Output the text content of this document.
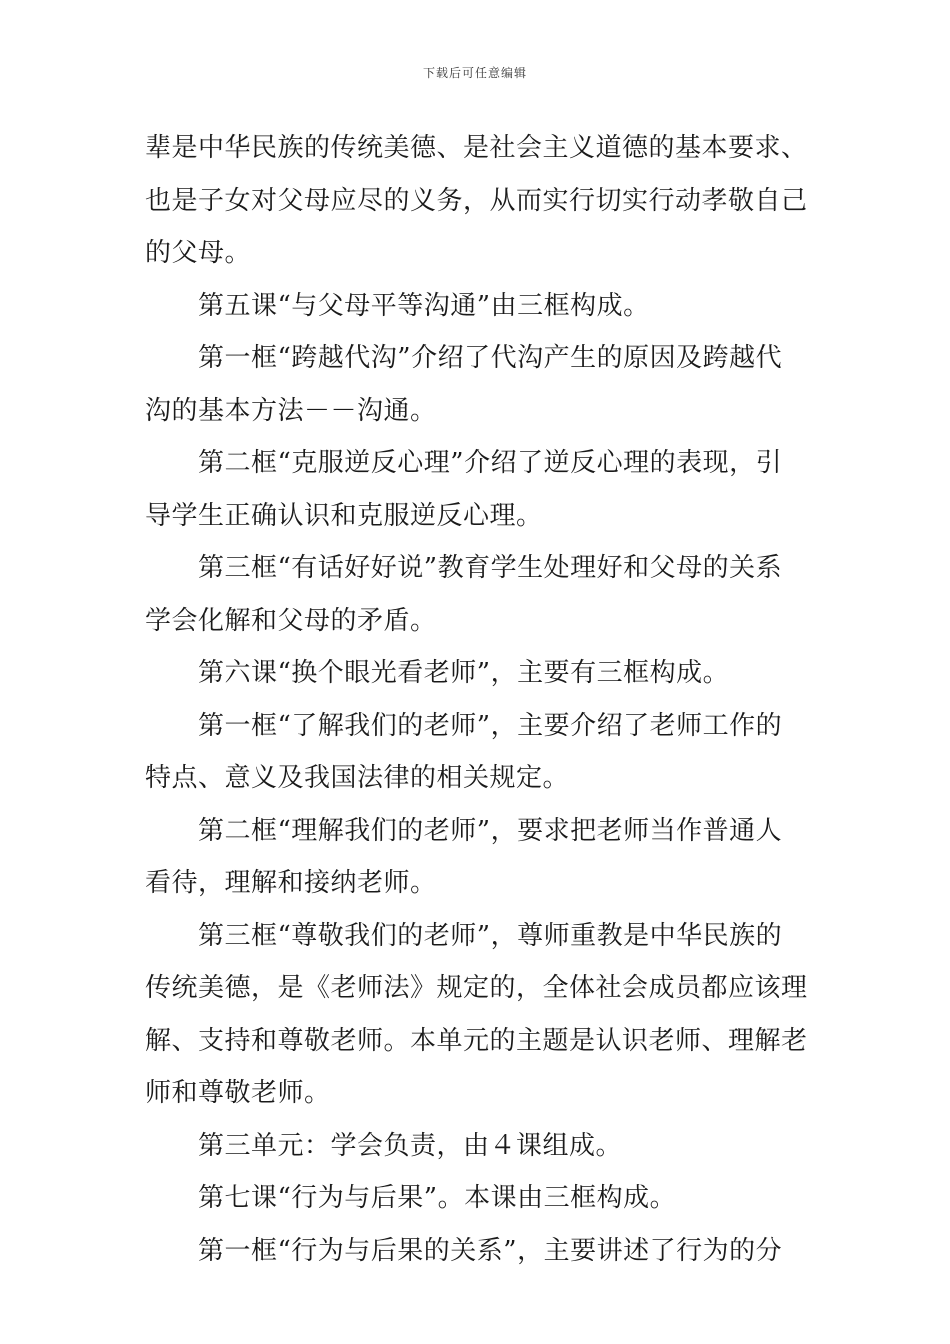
下载后可任意编辑
辈是中华民族的传统美德、是社会主义道德的基本要求、
也是子女对父母应尽的义务，从而实行切实行动孝敬自己
的父母。
第五课“与父母平等沟通”由三框构成。
第一框“跨越代沟”介绍了代沟产生的原因及跨越代
沟的基本方法－－沟通。
第二框“克服逆反心理”介绍了逆反心理的表现，引
导学生正确认识和克服逆反心理。
第三框“有话好好说”教育学生处理好和父母的关系
学会化解和父母的矛盾。
第六课“换个眼光看老师”，主要有三框构成。
第一框“了解我们的老师”，主要介绍了老师工作的
特点、意义及我国法律的相关规定。
第二框“理解我们的老师”，要求把老师当作普通人
看待，理解和接纳老师。
第三框“尊敬我们的老师”，尊师重教是中华民族的
传统美德，是《老师法》规定的，全体社会成员都应该理
解、支持和尊敬老师。本单元的主题是认识老师、理解老
师和尊敬老师。
第三单元：学会负责，由４课组成。
第七课“行为与后果”。本课由三框构成。
第一框“行为与后果的关系”，主要讲述了行为的分
